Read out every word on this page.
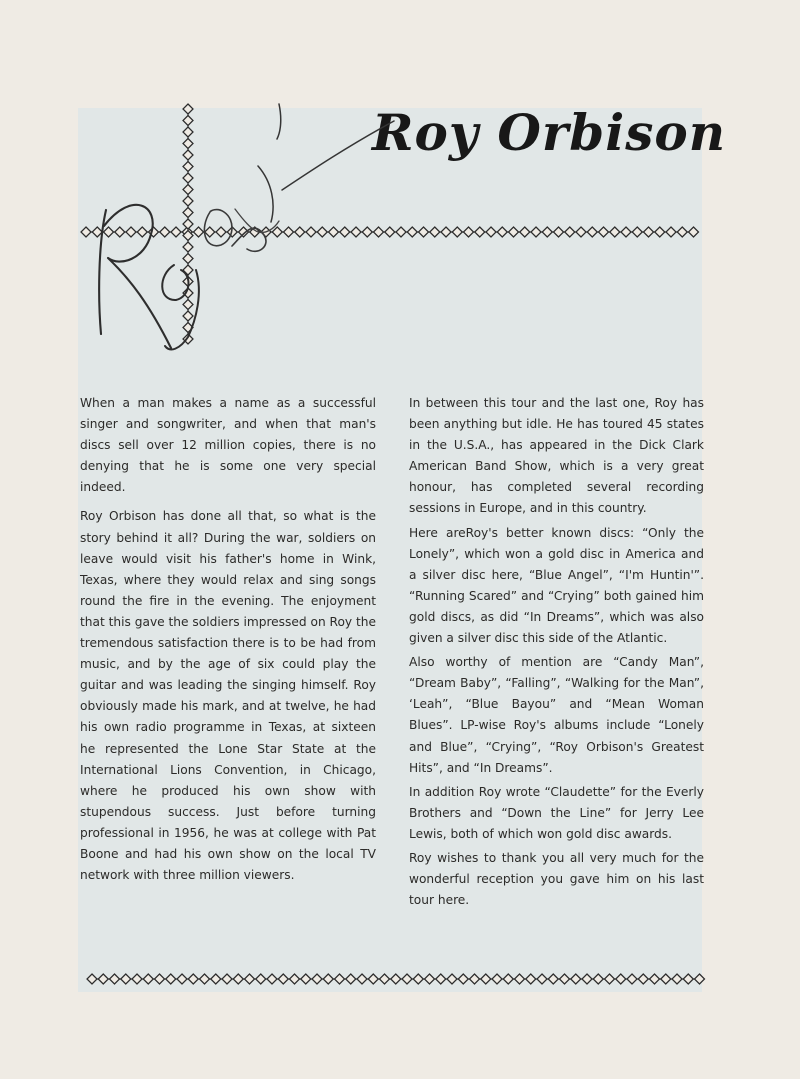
Roy Orbison

When a man makes a name as a successful singer and songwriter, and when that man's discs sell over 12 million copies, there is no denying that he is some one very special indeed.

Roy Orbison has done all that, so what is the story behind it all? During the war, soldiers on leave would visit his father's home in Wink, Texas, where they would relax and sing songs round the fire in the evening. The enjoyment that this gave the soldiers impressed on Roy the tremendous satisfaction there is to be had from music, and by the age of six could play the guitar and was leading the singing himself. Roy obviously made his mark, and at twelve, he had his own radio programme in Texas, at sixteen he represented the Lone Star State at the International Lions Convention, in Chicago, where he produced his own show with stupendous success. Just before turning professional in 1956, he was at college with Pat Boone and had his own show on the local TV network with three million viewers.

In between this tour and the last one, Roy has been anything but idle. He has toured 45 states in the U.S.A., has appeared in the Dick Clark American Band Show, which is a very great honour, has completed several recording sessions in Europe, and in this country.

Here areRoy's better known discs: “Only the Lonely”, which won a gold disc in America and a silver disc here, “Blue Angel”, “I'm Huntin'”. “Running Scared” and “Crying” both gained him gold discs, as did “In Dreams”, which was also given a silver disc this side of the Atlantic.

Also worthy of mention are “Candy Man”, “Dream Baby”, “Falling”, “Walking for the Man”, ‘Leah”, “Blue Bayou” and “Mean Woman Blues”. LP-wise Roy's albums include “Lonely and Blue”, “Crying”, “Roy Orbison's Greatest Hits”, and “In Dreams”.

In addition Roy wrote “Claudette” for the Everly Brothers and “Down the Line” for Jerry Lee Lewis, both of which won gold disc awards.

Roy wishes to thank you all very much for the wonderful reception you gave him on his last tour here.
